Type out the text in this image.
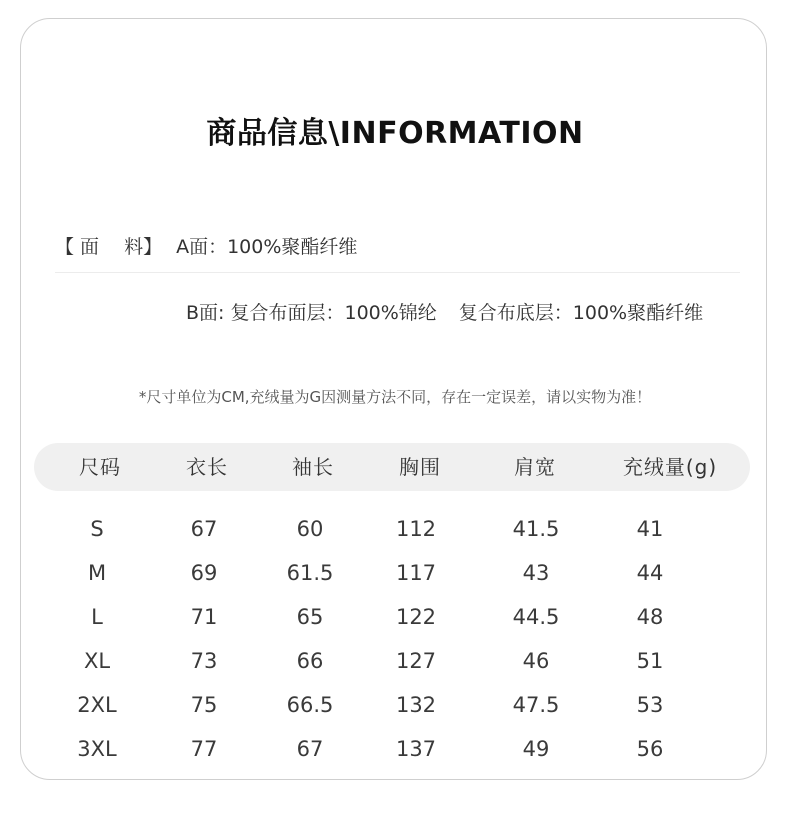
商品信息\INFORMATION
【 面　 料】 A面：100%聚酯纤维
B面: 复合布面层：100%锦纶 复合布底层：100%聚酯纤维
*尺寸单位为CM,充绒量为G因测量方法不同，存在一定误差，请以实物为准！
尺码	衣长	袖长	胸围	肩宽	充绒量(g)
S	67	60	112	41.5	41
M	69	61.5	117	43	44
L	71	65	122	44.5	48
XL	73	66	127	46	51
2XL	75	66.5	132	47.5	53
3XL	77	67	137	49	56
